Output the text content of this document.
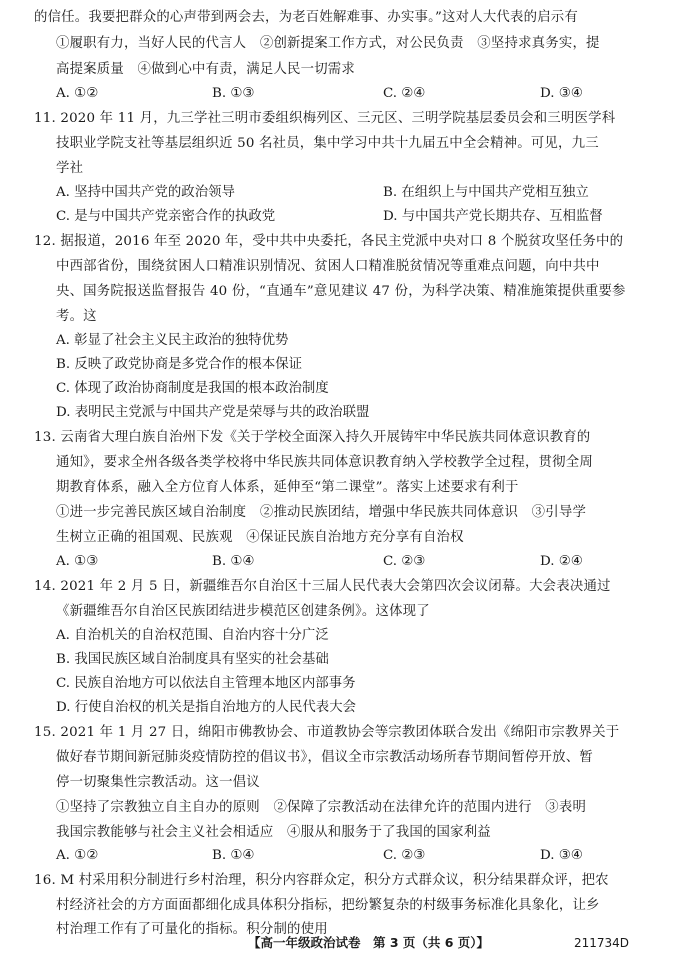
的信任。我要把群众的心声带到两会去，为老百姓解难事、办实事。”这对人大代表的启示有
①履职有力，当好人民的代言人　②创新提案工作方式，对公民负责　③坚持求真务实，提
高提案质量　④做到心中有责，满足人民一切需求
A. ①②	B. ①③	C. ②④	D. ③④
11. 2020 年 11 月，九三学社三明市委组织梅列区、三元区、三明学院基层委员会和三明医学科
技职业学院支社等基层组织近 50 名社员，集中学习中共十九届五中全会精神。可见，九三
学社
A. 坚持中国共产党的政治领导	B. 在组织上与中国共产党相互独立
C. 是与中国共产党亲密合作的执政党	D. 与中国共产党长期共存、互相监督
12. 据报道，2016 年至 2020 年，受中共中央委托，各民主党派中央对口 8 个脱贫攻坚任务中的
中西部省份，围绕贫困人口精准识别情况、贫困人口精准脱贫情况等重难点问题，向中共中
央、国务院报送监督报告 40 份，“直通车”意见建议 47 份，为科学决策、精准施策提供重要参
考。这
A. 彰显了社会主义民主政治的独特优势
B. 反映了政党协商是多党合作的根本保证
C. 体现了政治协商制度是我国的根本政治制度
D. 表明民主党派与中国共产党是荣辱与共的政治联盟
13. 云南省大理白族自治州下发《关于学校全面深入持久开展铸牢中华民族共同体意识教育的
通知》，要求全州各级各类学校将中华民族共同体意识教育纳入学校教学全过程，贯彻全周
期教育体系，融入全方位育人体系，延伸至“第二课堂”。落实上述要求有利于
①进一步完善民族区域自治制度　②推动民族团结，增强中华民族共同体意识　③引导学
生树立正确的祖国观、民族观　④保证民族自治地方充分享有自治权
A. ①③	B. ①④	C. ②③	D. ②④
14. 2021 年 2 月 5 日，新疆维吾尔自治区十三届人民代表大会第四次会议闭幕。大会表决通过
《新疆维吾尔自治区民族团结进步模范区创建条例》。这体现了
A. 自治机关的自治权范围、自治内容十分广泛
B. 我国民族区域自治制度具有坚实的社会基础
C. 民族自治地方可以依法自主管理本地区内部事务
D. 行使自治权的机关是指自治地方的人民代表大会
15. 2021 年 1 月 27 日，绵阳市佛教协会、市道教协会等宗教团体联合发出《绵阳市宗教界关于
做好春节期间新冠肺炎疫情防控的倡议书》，倡议全市宗教活动场所春节期间暂停开放、暂
停一切聚集性宗教活动。这一倡议
①坚持了宗教独立自主自办的原则　②保障了宗教活动在法律允许的范围内进行　③表明
我国宗教能够与社会主义社会相适应　④服从和服务于了我国的国家利益
A. ①②	B. ①④	C. ②③	D. ③④
16. M 村采用积分制进行乡村治理，积分内容群众定，积分方式群众议，积分结果群众评，把农
村经济社会的方方面面都细化成具体积分指标，把纷繁复杂的村级事务标准化具象化，让乡
村治理工作有了可量化的指标。积分制的使用
【高一年级政治试卷　第 3 页（共 6 页）】	211734D
